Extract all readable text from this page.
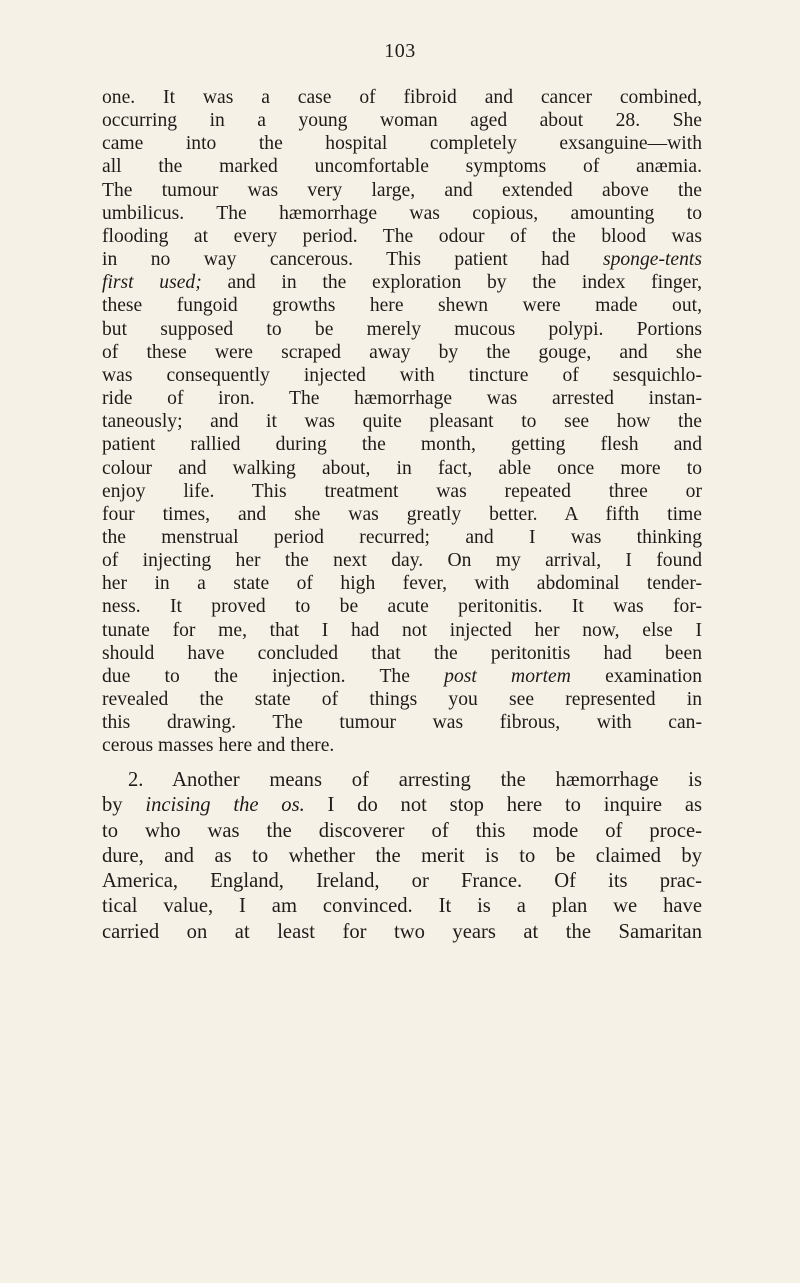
103
one. It was a case of fibroid and cancer combined,
occurring in a young woman aged about 28. She
came into the hospital completely exsanguine—with
all the marked uncomfortable symptoms of anæmia.
The tumour was very large, and extended above the
umbilicus. The hæmorrhage was copious, amounting to
flooding at every period. The odour of the blood was
in no way cancerous. This patient had sponge-tents
first used; and in the exploration by the index finger,
these fungoid growths here shewn were made out,
but supposed to be merely mucous polypi. Portions
of these were scraped away by the gouge, and she
was consequently injected with tincture of sesquichlo-
ride of iron. The hæmorrhage was arrested instan-
taneously; and it was quite pleasant to see how the
patient rallied during the month, getting flesh and
colour and walking about, in fact, able once more to
enjoy life. This treatment was repeated three or
four times, and she was greatly better. A fifth time
the menstrual period recurred; and I was thinking
of injecting her the next day. On my arrival, I found
her in a state of high fever, with abdominal tender-
ness. It proved to be acute peritonitis. It was for-
tunate for me, that I had not injected her now, else I
should have concluded that the peritonitis had been
due to the injection. The post mortem examination
revealed the state of things you see represented in
this drawing. The tumour was fibrous, with can-
cerous masses here and there.
2. Another means of arresting the hæmorrhage is
by incising the os. I do not stop here to inquire as
to who was the discoverer of this mode of proce-
dure, and as to whether the merit is to be claimed by
America, England, Ireland, or France. Of its prac-
tical value, I am convinced. It is a plan we have
carried on at least for two years at the Samaritan
